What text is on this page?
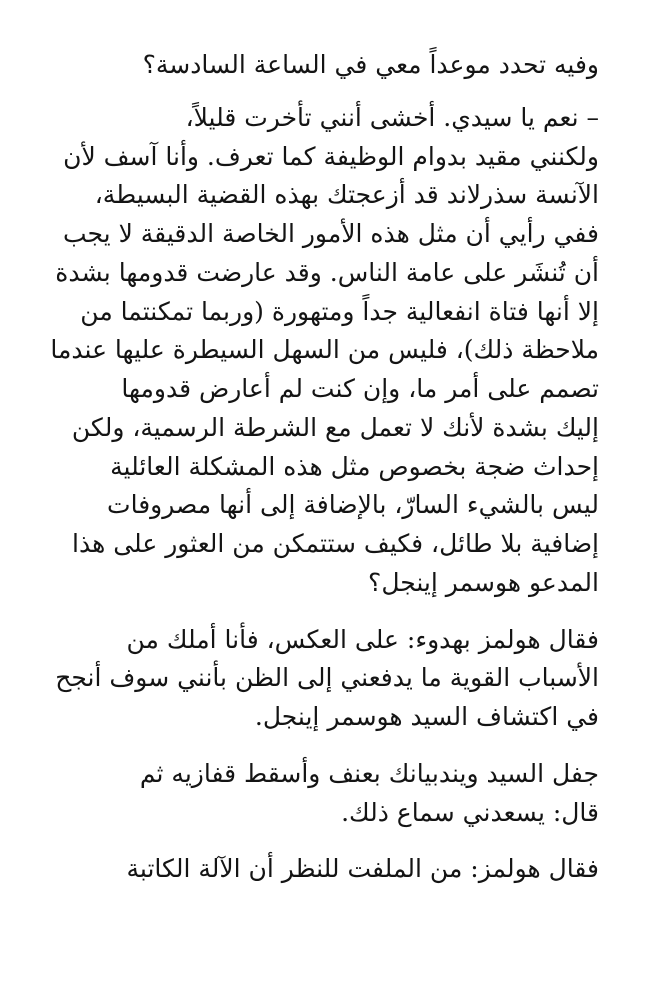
وفيه تحدد موعداً معي في الساعة السادسة؟

– نعم يا سيدي. أخشى أنني تأخرت قليلاً،
ولكنني مقيد بدوام الوظيفة كما تعرف. وأنا آسف لأن
الآنسة سذرلاند قد أزعجتك بهذه القضية البسيطة،
ففي رأيي أن مثل هذه الأمور الخاصة الدقيقة لا يجب
أن تُنشَر على عامة الناس. وقد عارضت قدومها بشدة
إلا أنها فتاة انفعالية جداً ومتهورة (وربما تمكنتما من
ملاحظة ذلك)، فليس من السهل السيطرة عليها عندما
تصمم على أمر ما، وإن كنت لم أعارض قدومها
إليك بشدة لأنك لا تعمل مع الشرطة الرسمية، ولكن
إحداث ضجة بخصوص مثل هذه المشكلة العائلية
ليس بالشيء السارّ، بالإضافة إلى أنها مصروفات
إضافية بلا طائل، فكيف ستتمكن من العثور على هذا
المدعو هوسمر إينجل؟

فقال هولمز بهدوء: على العكس، فأنا أملك من
الأسباب القوية ما يدفعني إلى الظن بأنني سوف أنجح
في اكتشاف السيد هوسمر إينجل.

جفل السيد ويندبيانك بعنف وأسقط قفازيه ثم
قال: يسعدني سماع ذلك.

فقال هولمز: من الملفت للنظر أن الآلة الكاتبة
